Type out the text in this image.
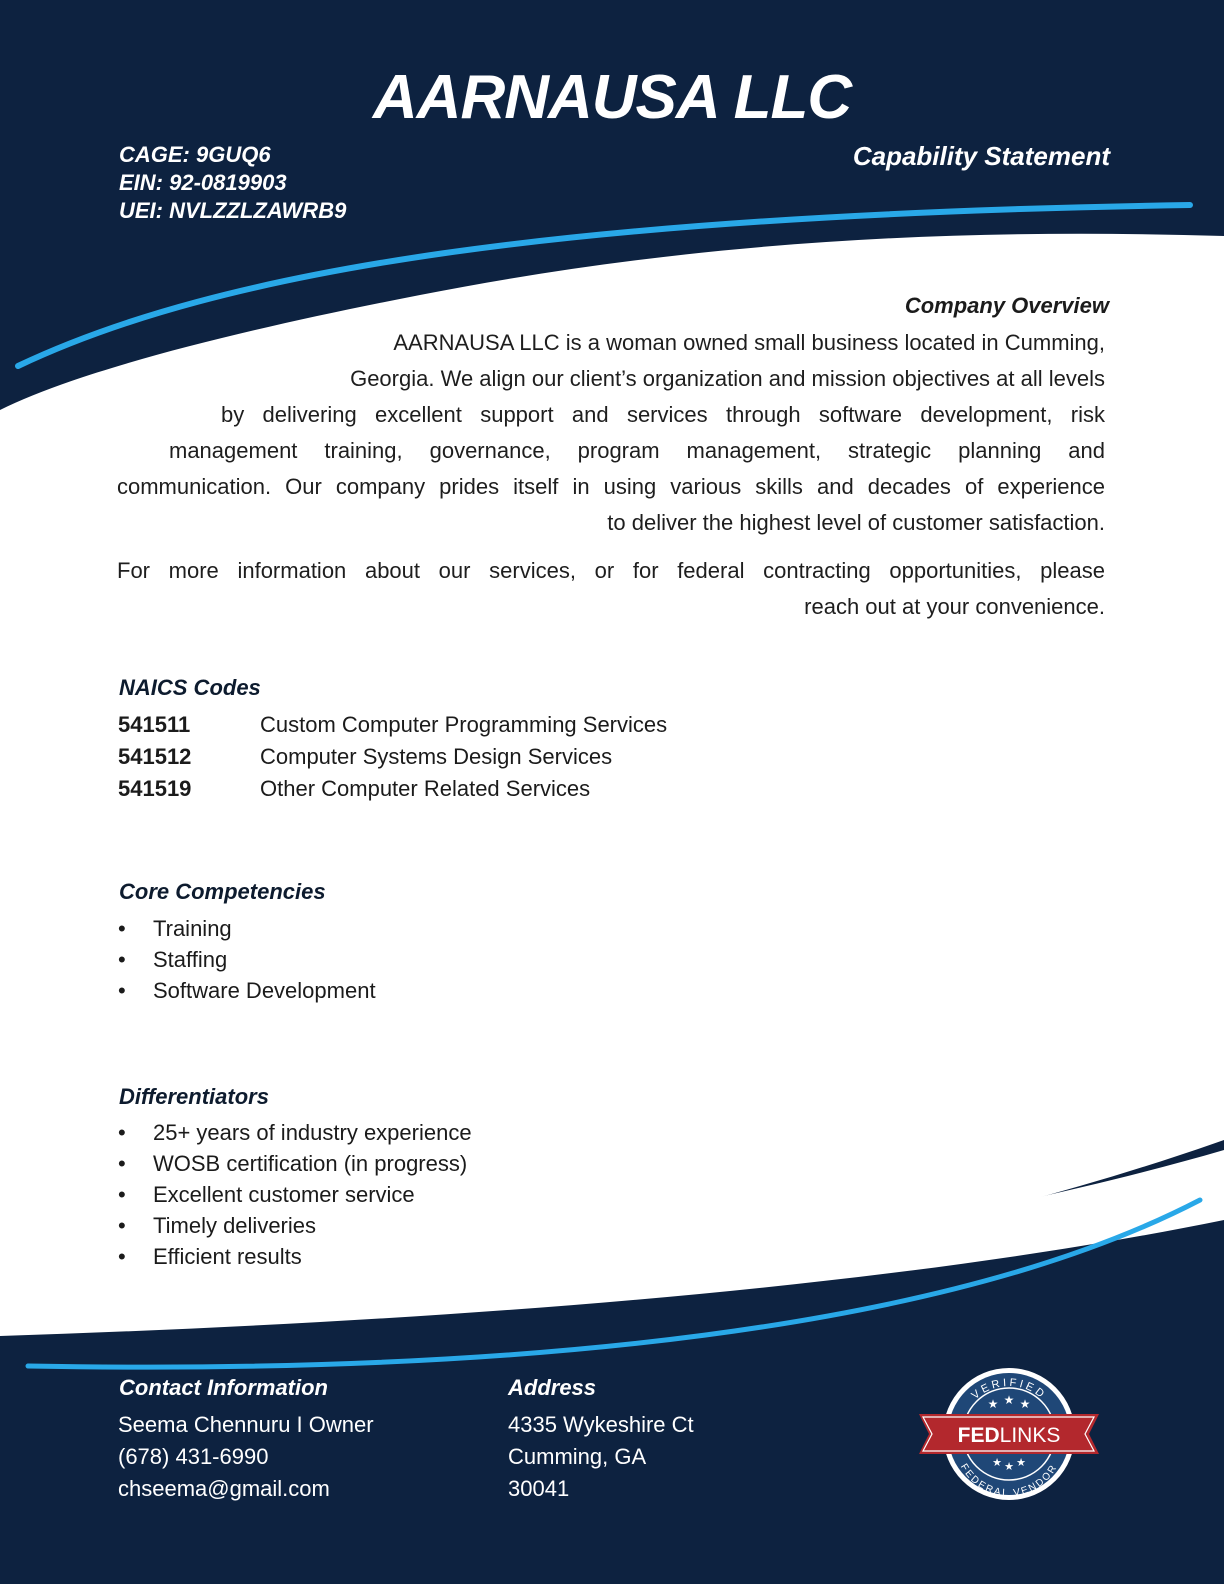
AARNAUSA LLC
CAGE: 9GUQ6
EIN: 92-0819903
UEI: NVLZZLZAWRB9
Capability Statement
Company Overview
AARNAUSA LLC is a woman owned small business located in Cumming,
Georgia. We align our client’s organization and mission objectives at all levels
by delivering excellent support and services through software development, risk
management training, governance, program management, strategic planning and
communication. Our company prides itself in using various skills and decades of experience
to deliver the highest level of customer satisfaction.
For more information about our services, or for federal contracting opportunities, please
reach out at your convenience.
NAICS Codes
541511	Custom Computer Programming Services
541512	Computer Systems Design Services
541519	Other Computer Related Services
Core Competencies
•	Training
•	Staffing
•	Software Development
Differentiators
•	25+ years of industry experience
•	WOSB certification (in progress)
•	Excellent customer service
•	Timely deliveries
•	Efficient results
Contact Information
Seema Chennuru I Owner
(678) 431-6990
chseema@gmail.com
Address
4335 Wykeshire Ct
Cumming, GA
30041
VERIFIED
FEDERAL VENDOR
★ ★ ★
★ ★ ★
FEDLINKS
